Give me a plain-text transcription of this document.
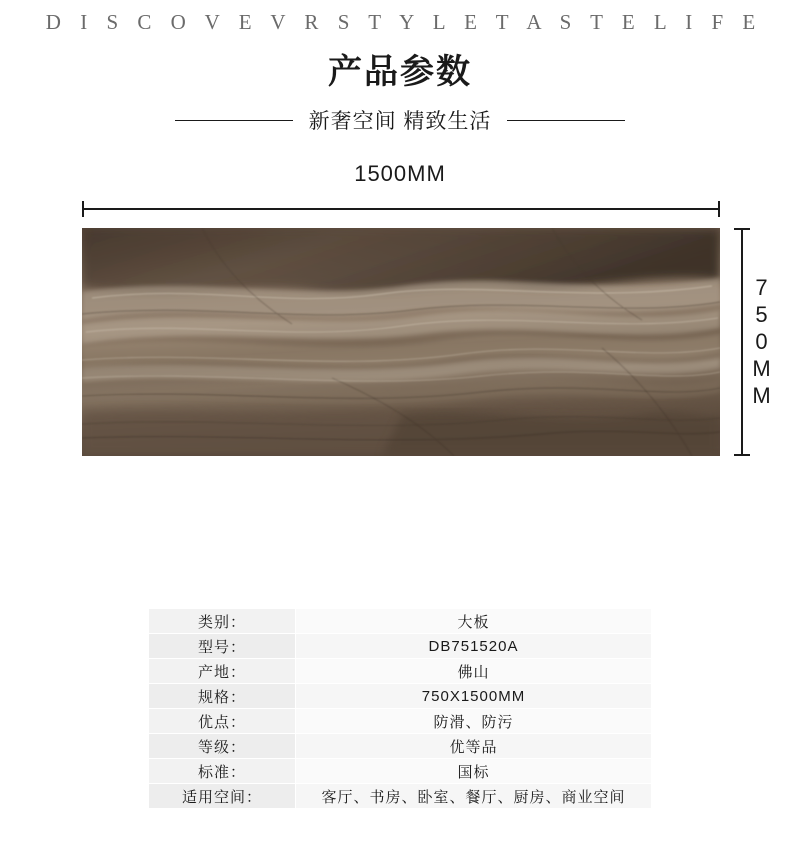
D I S C O V E V R S T Y L E T A S T E L I F E
产品参数
新奢空间 精致生活
1500MM
750MM
类别：	大板
型号：	DB751520A
产地：	佛山
规格：	750X1500MM
优点：	防滑、防污
等级：	优等品
标准：	国标
适用空间：	客厅、书房、卧室、餐厅、厨房、商业空间
